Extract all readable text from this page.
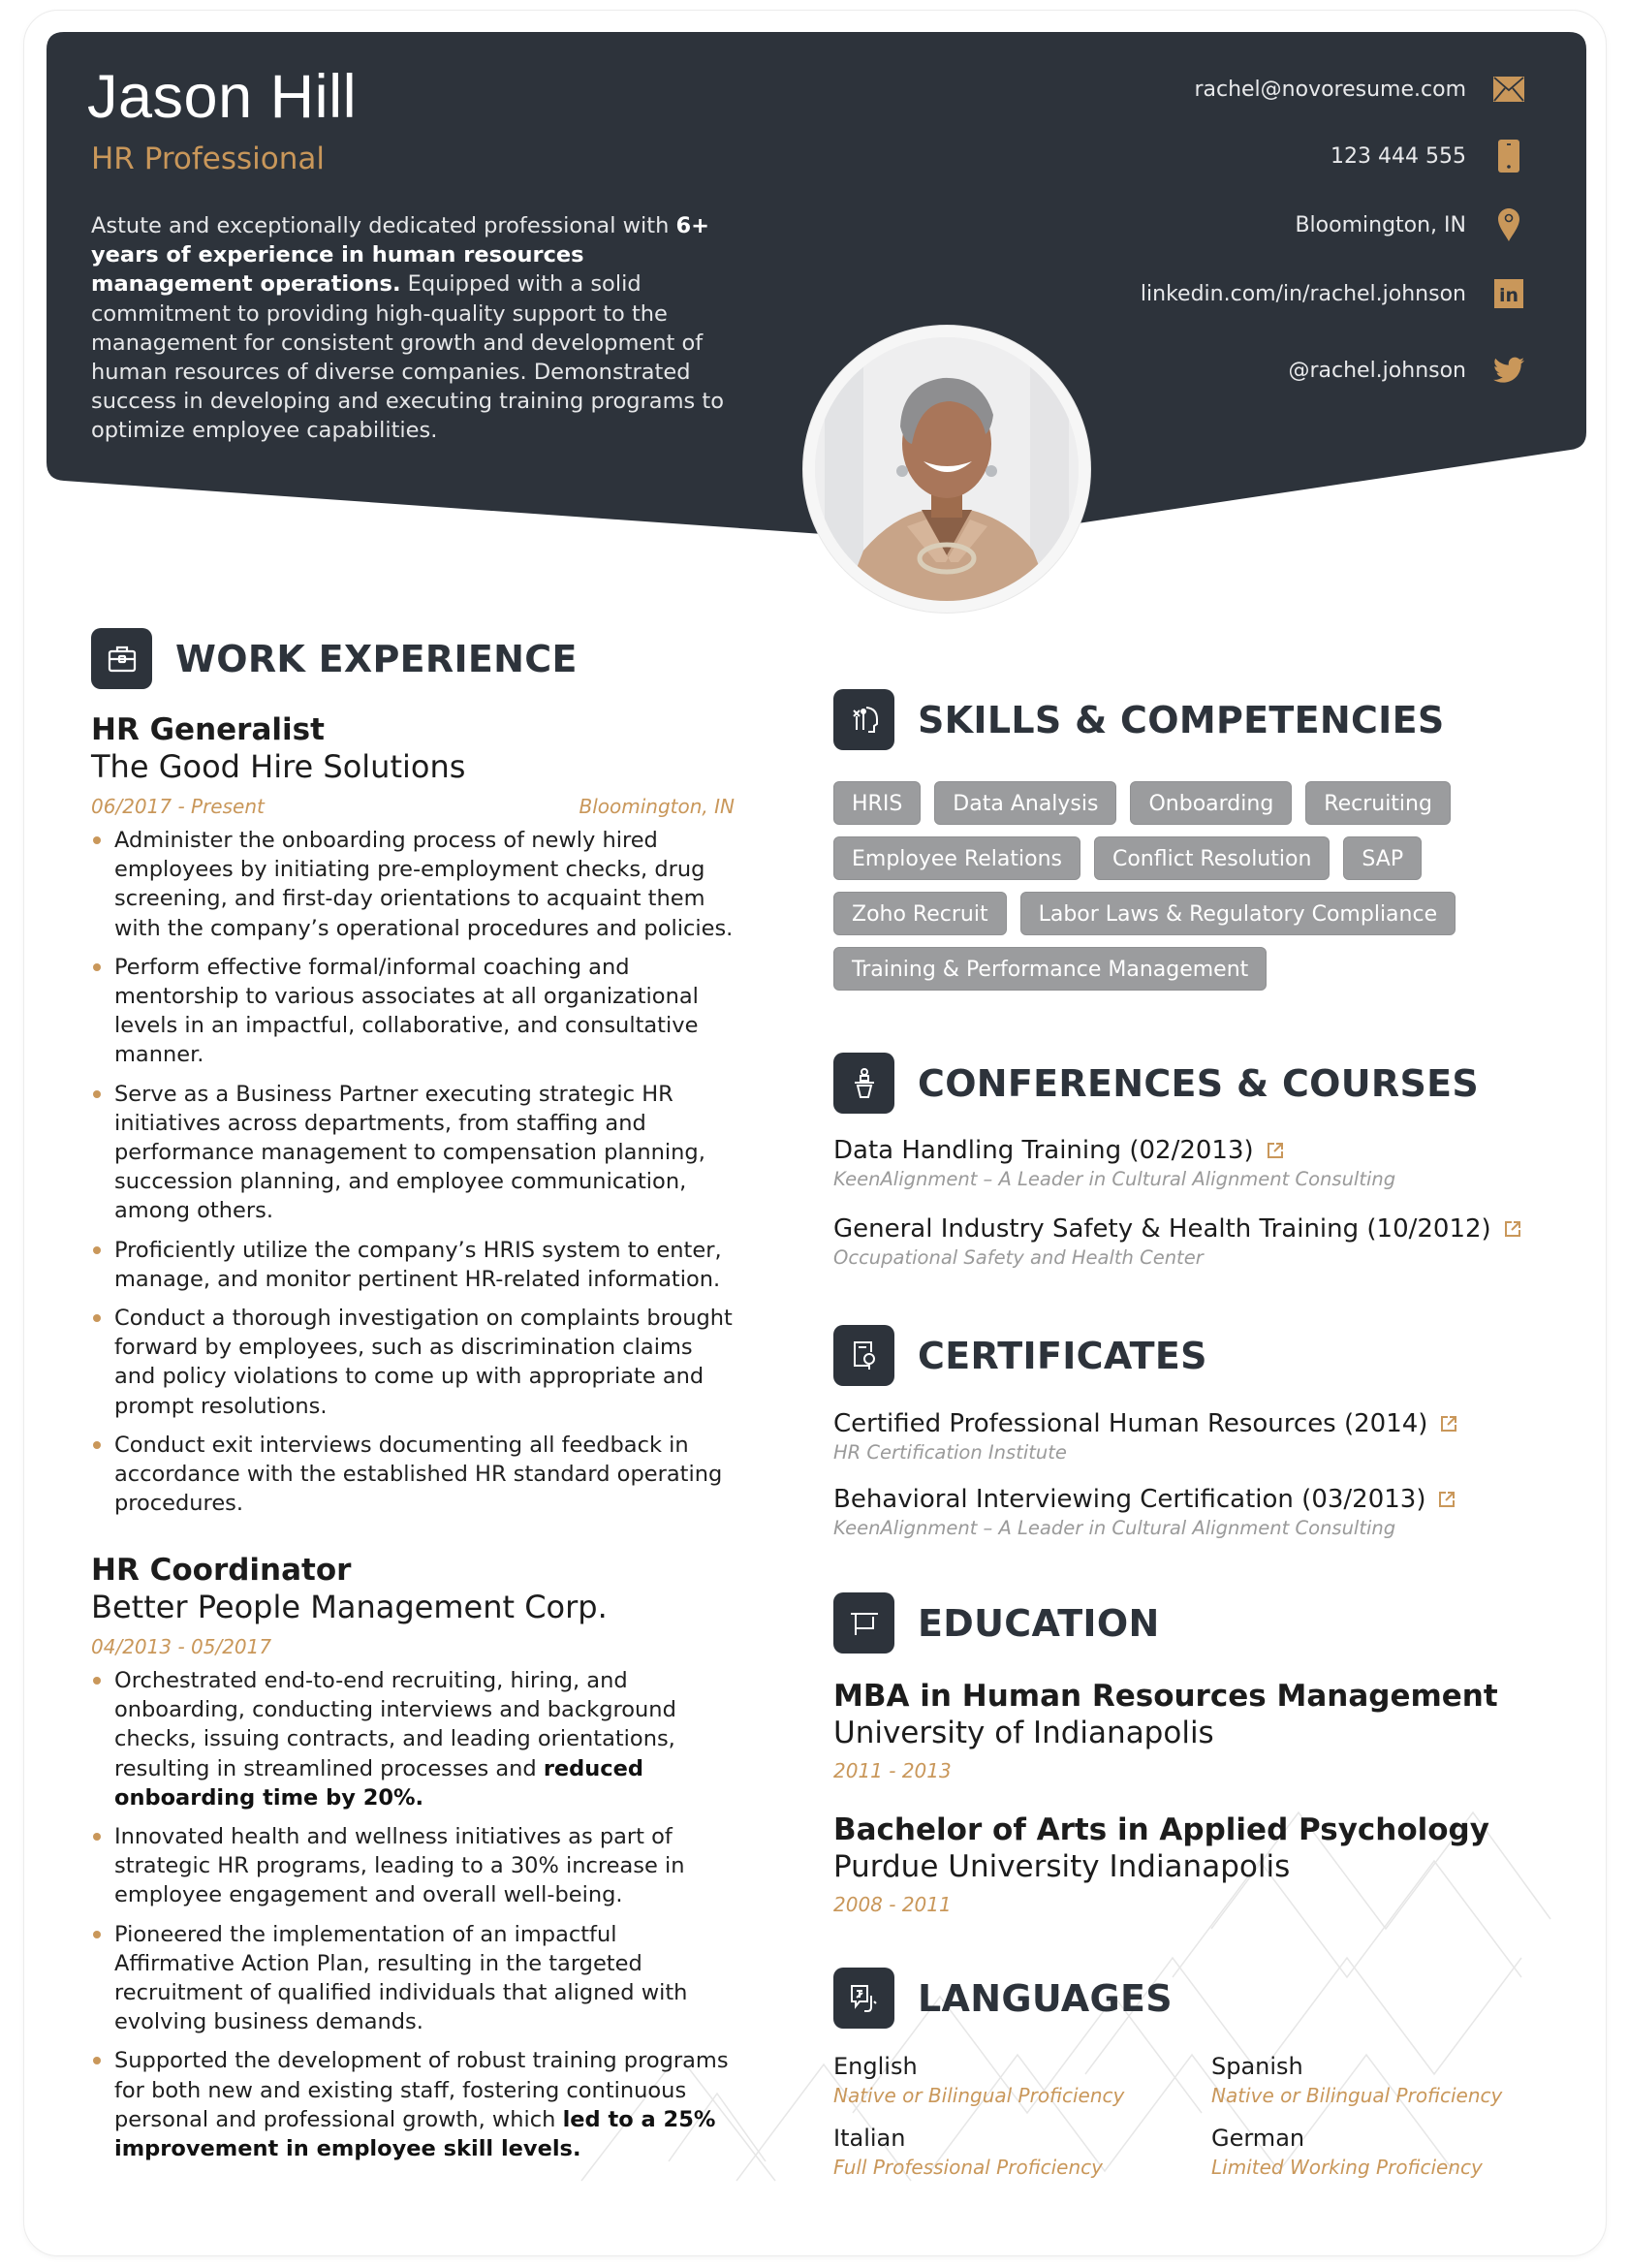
Jason Hill
HR Professional
Astute and exceptionally dedicated professional with 6+ years of experience in human resources management operations. Equipped with a solid commitment to providing high-quality support to the management for consistent growth and development of human resources of diverse companies. Demonstrated success in developing and executing training programs to optimize employee capabilities.
rachel@novoresume.com
123 444 555
Bloomington, IN
linkedin.com/in/rachel.johnson in
@rachel.johnson
WORK EXPERIENCE
HR Generalist
The Good Hire Solutions
06/2017 - Present	Bloomington, IN
Administer the onboarding process of newly hired employees by initiating pre-employment checks, drug screening, and first-day orientations to acquaint them with the company’s operational procedures and policies.
Perform effective formal/informal coaching and mentorship to various associates at all organizational levels in an impactful, collaborative, and consultative manner.
Serve as a Business Partner executing strategic HR initiatives across departments, from staffing and performance management to compensation planning, succession planning, and employee communication, among others.
Proficiently utilize the company’s HRIS system to enter, manage, and monitor pertinent HR-related information.
Conduct a thorough investigation on complaints brought forward by employees, such as discrimination claims and policy violations to come up with appropriate and prompt resolutions.
Conduct exit interviews documenting all feedback in accordance with the established HR standard operating procedures.
HR Coordinator
Better People Management Corp.
04/2013 - 05/2017
Orchestrated end-to-end recruiting, hiring, and onboarding, conducting interviews and background checks, issuing contracts, and leading orientations, resulting in streamlined processes and reduced onboarding time by 20%.
Innovated health and wellness initiatives as part of strategic HR programs, leading to a 30% increase in employee engagement and overall well-being.
Pioneered the implementation of an impactful Affirmative Action Plan, resulting in the targeted recruitment of qualified individuals that aligned with evolving business demands.
Supported the development of robust training programs for both new and existing staff, fostering continuous personal and professional growth, which led to a 25% improvement in employee skill levels.
SKILLS & COMPETENCIES
HRIS	Data Analysis	Onboarding	Recruiting
Employee Relations	Conflict Resolution	SAP
Zoho Recruit	Labor Laws & Regulatory Compliance
Training & Performance Management
CONFERENCES & COURSES
Data Handling Training (02/2013)
KeenAlignment – A Leader in Cultural Alignment Consulting
General Industry Safety & Health Training (10/2012)
Occupational Safety and Health Center
CERTIFICATES
Certified Professional Human Resources (2014)
HR Certification Institute
Behavioral Interviewing Certification (03/2013)
KeenAlignment – A Leader in Cultural Alignment Consulting
EDUCATION
MBA in Human Resources Management
University of Indianapolis
2011 - 2013
Bachelor of Arts in Applied Psychology
Purdue University Indianapolis
2008 - 2011
LANGUAGES
English
Native or Bilingual Proficiency
Spanish
Native or Bilingual Proficiency
Italian
Full Professional Proficiency
German
Limited Working Proficiency
